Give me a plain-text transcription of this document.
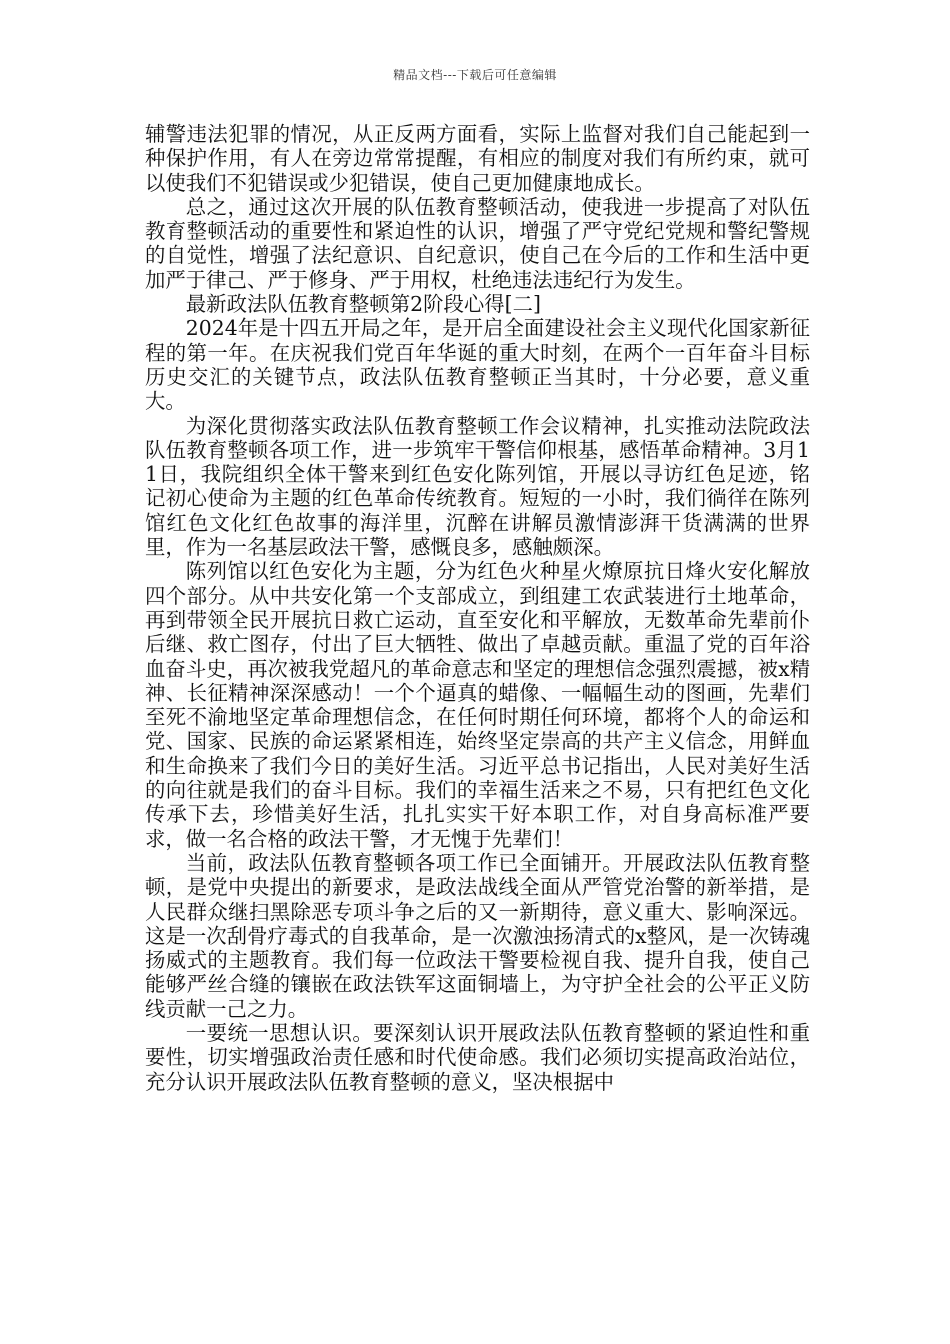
精品文档---下载后可任意编辑

辅警违法犯罪的情况，从正反两方面看，实际上监督对我们自己能起到一种保护作用，有人在旁边常常提醒，有相应的制度对我们有所约束，就可以使我们不犯错误或少犯错误，使自己更加健康地成长。

总之，通过这次开展的队伍教育整顿活动，使我进一步提高了对队伍教育整顿活动的重要性和紧迫性的认识，增强了严守党纪党规和警纪警规的自觉性，增强了法纪意识、自纪意识，使自己在今后的工作和生活中更加严于律己、严于修身、严于用权，杜绝违法违纪行为发生。

最新政法队伍教育整顿第2阶段心得[二]

2024年是十四五开局之年，是开启全面建设社会主义现代化国家新征程的第一年。在庆祝我们党百年华诞的重大时刻，在两个一百年奋斗目标历史交汇的关键节点，政法队伍教育整顿正当其时，十分必要，意义重大。

为深化贯彻落实政法队伍教育整顿工作会议精神，扎实推动法院政法队伍教育整顿各项工作，进一步筑牢干警信仰根基，感悟革命精神。3月11日，我院组织全体干警来到红色安化陈列馆，开展以寻访红色足迹，铭记初心使命为主题的红色革命传统教育。短短的一小时，我们徜徉在陈列馆红色文化红色故事的海洋里，沉醉在讲解员激情澎湃干货满满的世界里，作为一名基层政法干警，感慨良多，感触颇深。

陈列馆以红色安化为主题，分为红色火种星火燎原抗日烽火安化解放四个部分。从中共安化第一个支部成立，到组建工农武装进行土地革命，再到带领全民开展抗日救亡运动，直至安化和平解放，无数革命先辈前仆后继、救亡图存，付出了巨大牺牲、做出了卓越贡献。重温了党的百年浴血奋斗史，再次被我党超凡的革命意志和坚定的理想信念强烈震撼，被x精神、长征精神深深感动！一个个逼真的蜡像、一幅幅生动的图画，先辈们至死不渝地坚定革命理想信念，在任何时期任何环境，都将个人的命运和党、国家、民族的命运紧紧相连，始终坚定崇高的共产主义信念，用鲜血和生命换来了我们今日的美好生活。习近平总书记指出，人民对美好生活的向往就是我们的奋斗目标。我们的幸福生活来之不易，只有把红色文化传承下去，珍惜美好生活，扎扎实实干好本职工作，对自身高标准严要求，做一名合格的政法干警，才无愧于先辈们！

当前，政法队伍教育整顿各项工作已全面铺开。开展政法队伍教育整顿，是党中央提出的新要求，是政法战线全面从严管党治警的新举措，是人民群众继扫黑除恶专项斗争之后的又一新期待，意义重大、影响深远。这是一次刮骨疗毒式的自我革命，是一次激浊扬清式的x整风，是一次铸魂扬威式的主题教育。我们每一位政法干警要检视自我、提升自我，使自己能够严丝合缝的镶嵌在政法铁军这面铜墙上，为守护全社会的公平正义防线贡献一己之力。

一要统一思想认识。要深刻认识开展政法队伍教育整顿的紧迫性和重要性，切实增强政治责任感和时代使命感。我们必须切实提高政治站位，充分认识开展政法队伍教育整顿的意义，坚决根据中
